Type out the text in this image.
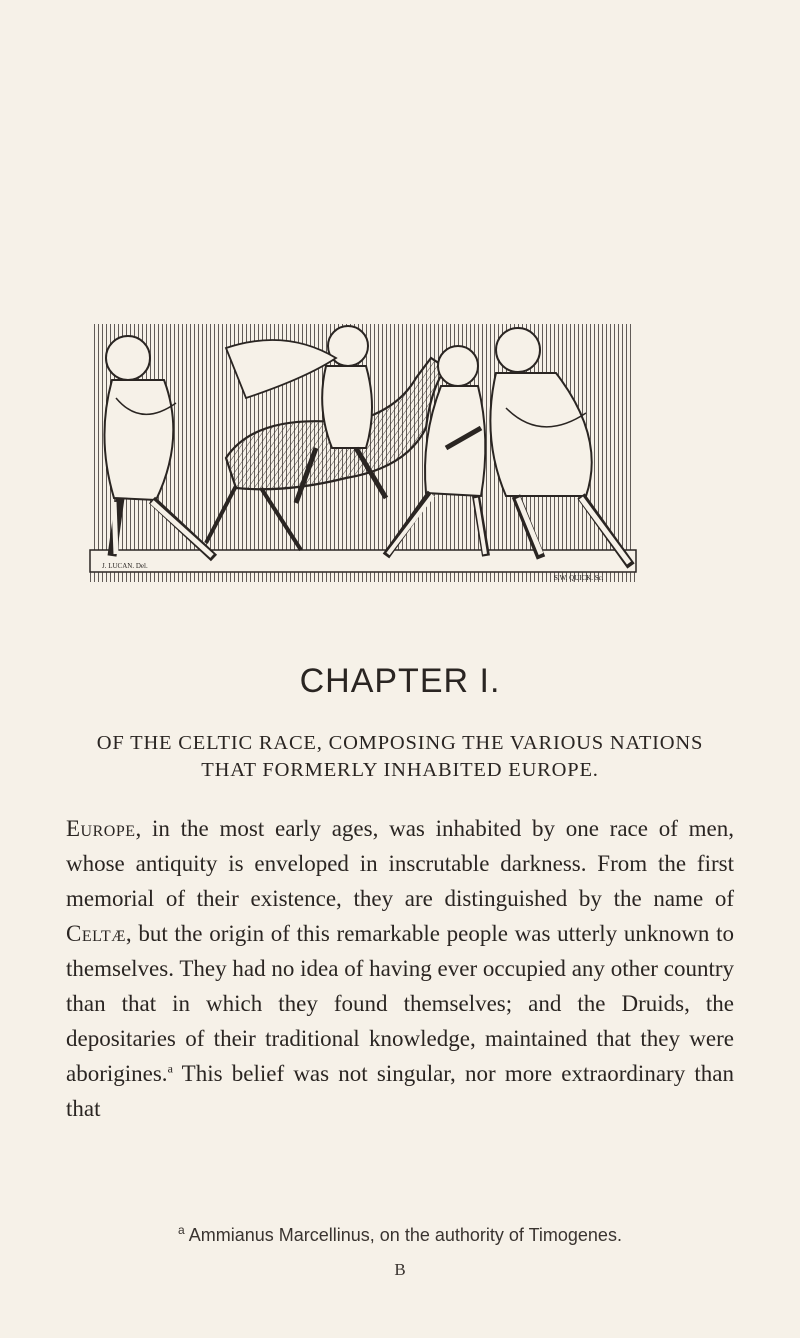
J. LUCAN. Del.
S.W. QUICK. Sc.
CHAPTER I.
OF THE CELTIC RACE, COMPOSING THE VARIOUS NATIONS THAT FORMERLY INHABITED EUROPE.

Europe, in the most early ages, was inhabited by one race of men, whose antiquity is enveloped in inscrutable darkness. From the first memorial of their existence, they are distinguished by the name of Celtæ, but the origin of this remarkable people was utterly unknown to themselves. They had no idea of having ever occupied any other country than that in which they found themselves; and the Druids, the depositaries of their traditional knowledge, maintained that they were aborigines.$^a$ This belief was not singular, nor more extraordinary than that

$^a$ Ammianus Marcellinus, on the authority of Timogenes.
B
